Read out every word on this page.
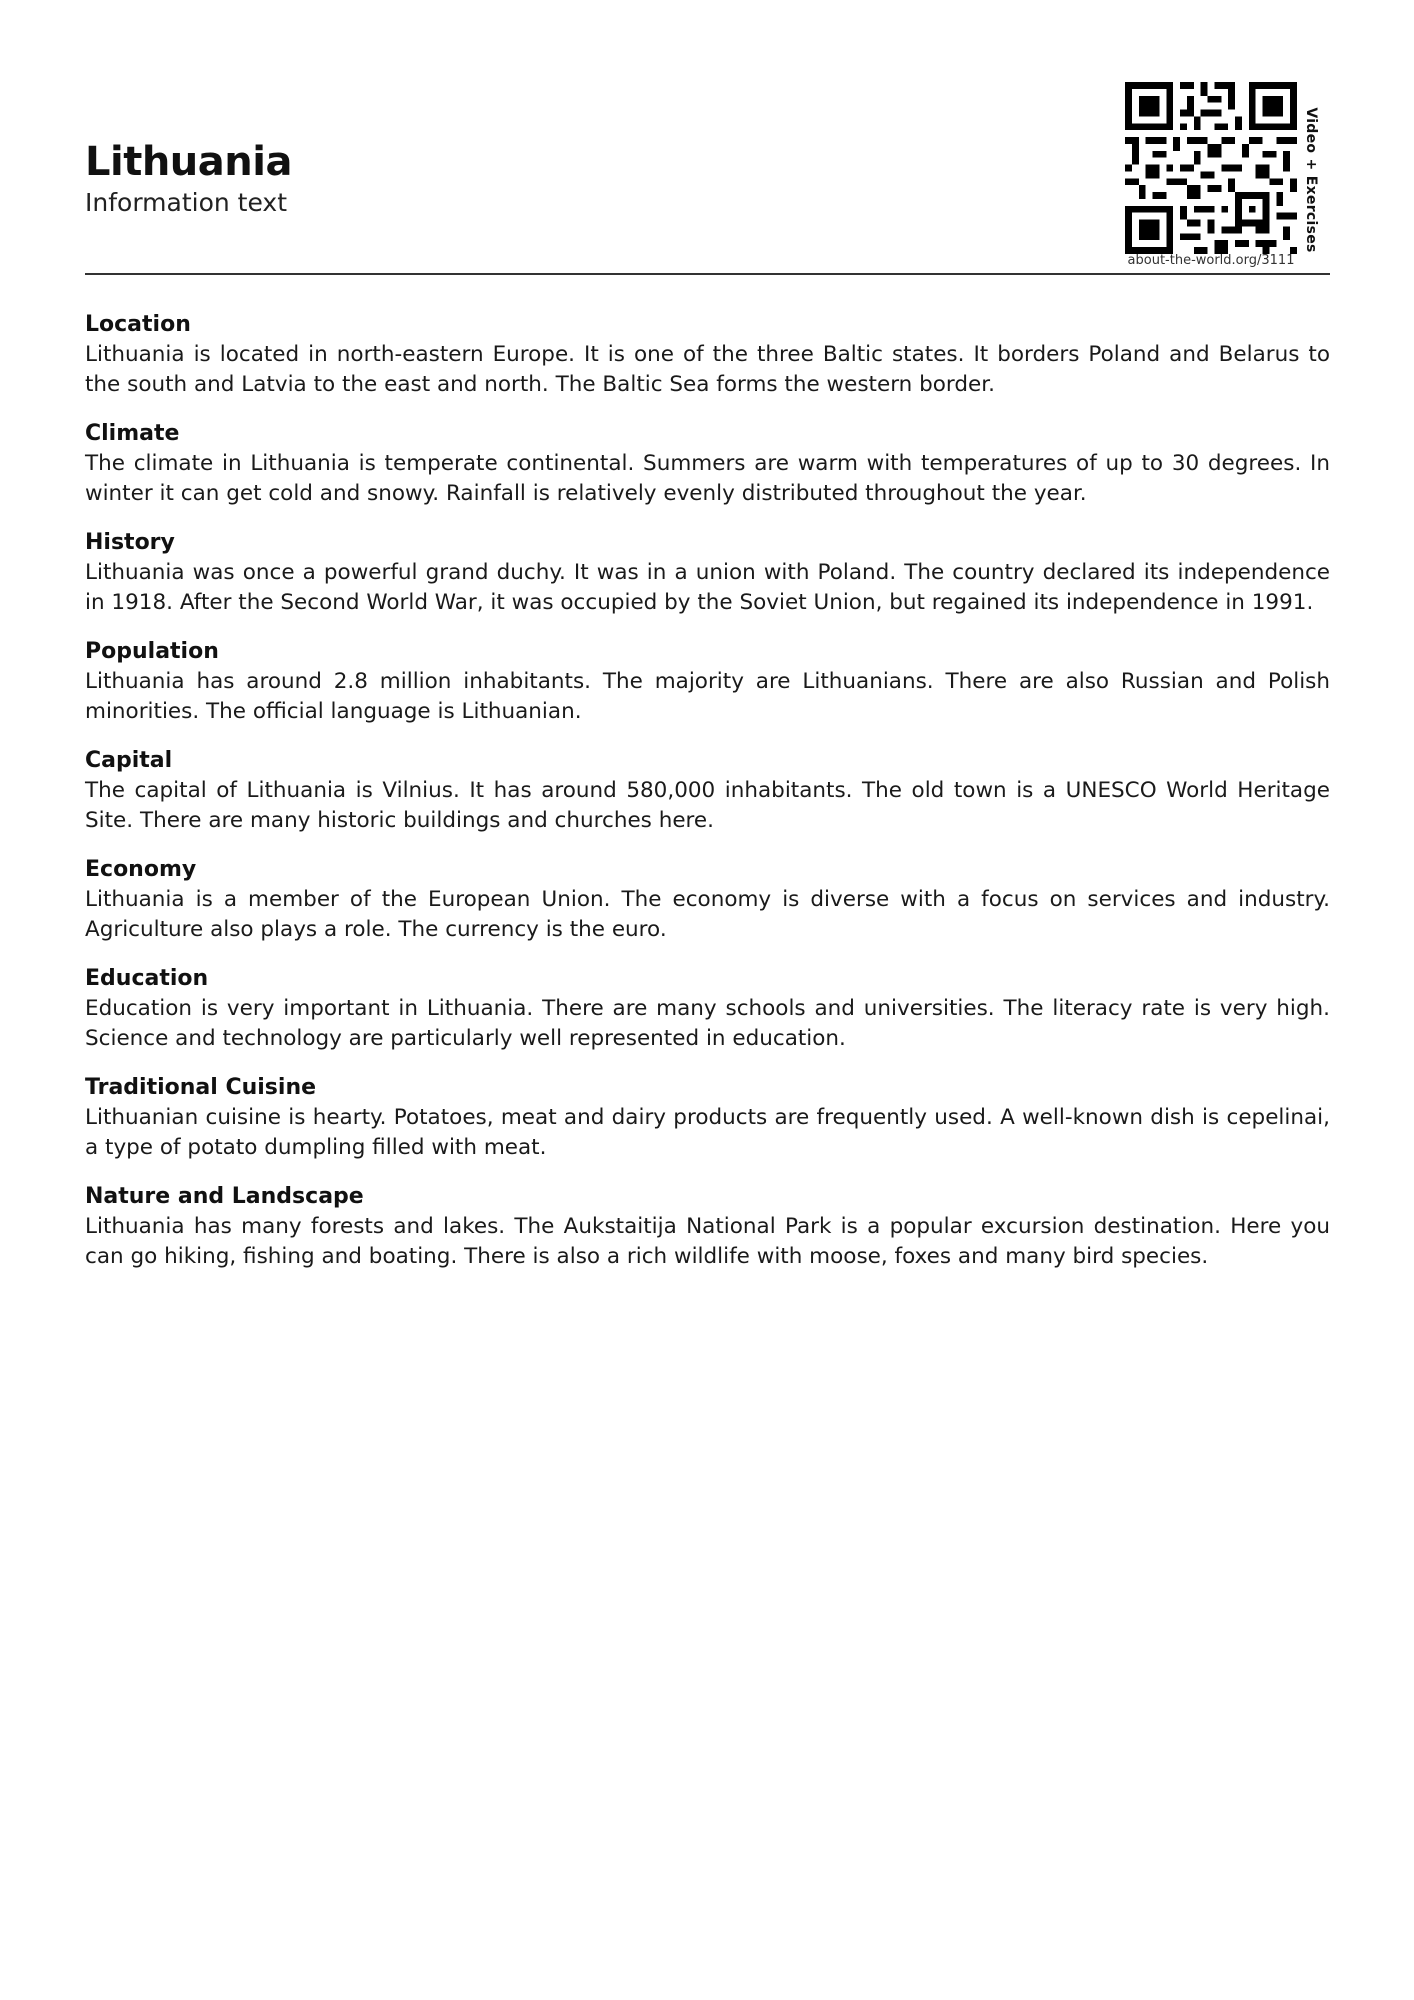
Lithuania
Information text
about-the-world.org/3111
Video + Exercises

Location

Lithuania is located in north-eastern Europe. It is one of the three Baltic states. It borders Poland and Belarus to the south and Latvia to the east and north. The Baltic Sea forms the western border.

Climate

The climate in Lithuania is temperate continental. Summers are warm with temperatures of up to 30 degrees. In winter it can get cold and snowy. Rainfall is relatively evenly distributed throughout the year.

History

Lithuania was once a powerful grand duchy. It was in a union with Poland. The country declared its independence in 1918. After the Second World War, it was occupied by the Soviet Union, but regained its independence in 1991.

Population

Lithuania has around 2.8 million inhabitants. The majority are Lithuanians. There are also Russian and Polish minorities. The official language is Lithuanian.

Capital

The capital of Lithuania is Vilnius. It has around 580,000 inhabitants. The old town is a UNESCO World Heritage Site. There are many historic buildings and churches here.

Economy

Lithuania is a member of the European Union. The economy is diverse with a focus on services and industry. Agriculture also plays a role. The currency is the euro.

Education

Education is very important in Lithuania. There are many schools and universities. The literacy rate is very high. Science and technology are particularly well represented in education.

Traditional Cuisine

Lithuanian cuisine is hearty. Potatoes, meat and dairy products are frequently used. A well-known dish is cepelinai, a type of potato dumpling filled with meat.

Nature and Landscape

Lithuania has many forests and lakes. The Aukstaitija National Park is a popular excursion destination. Here you can go hiking, fishing and boating. There is also a rich wildlife with moose, foxes and many bird species.
